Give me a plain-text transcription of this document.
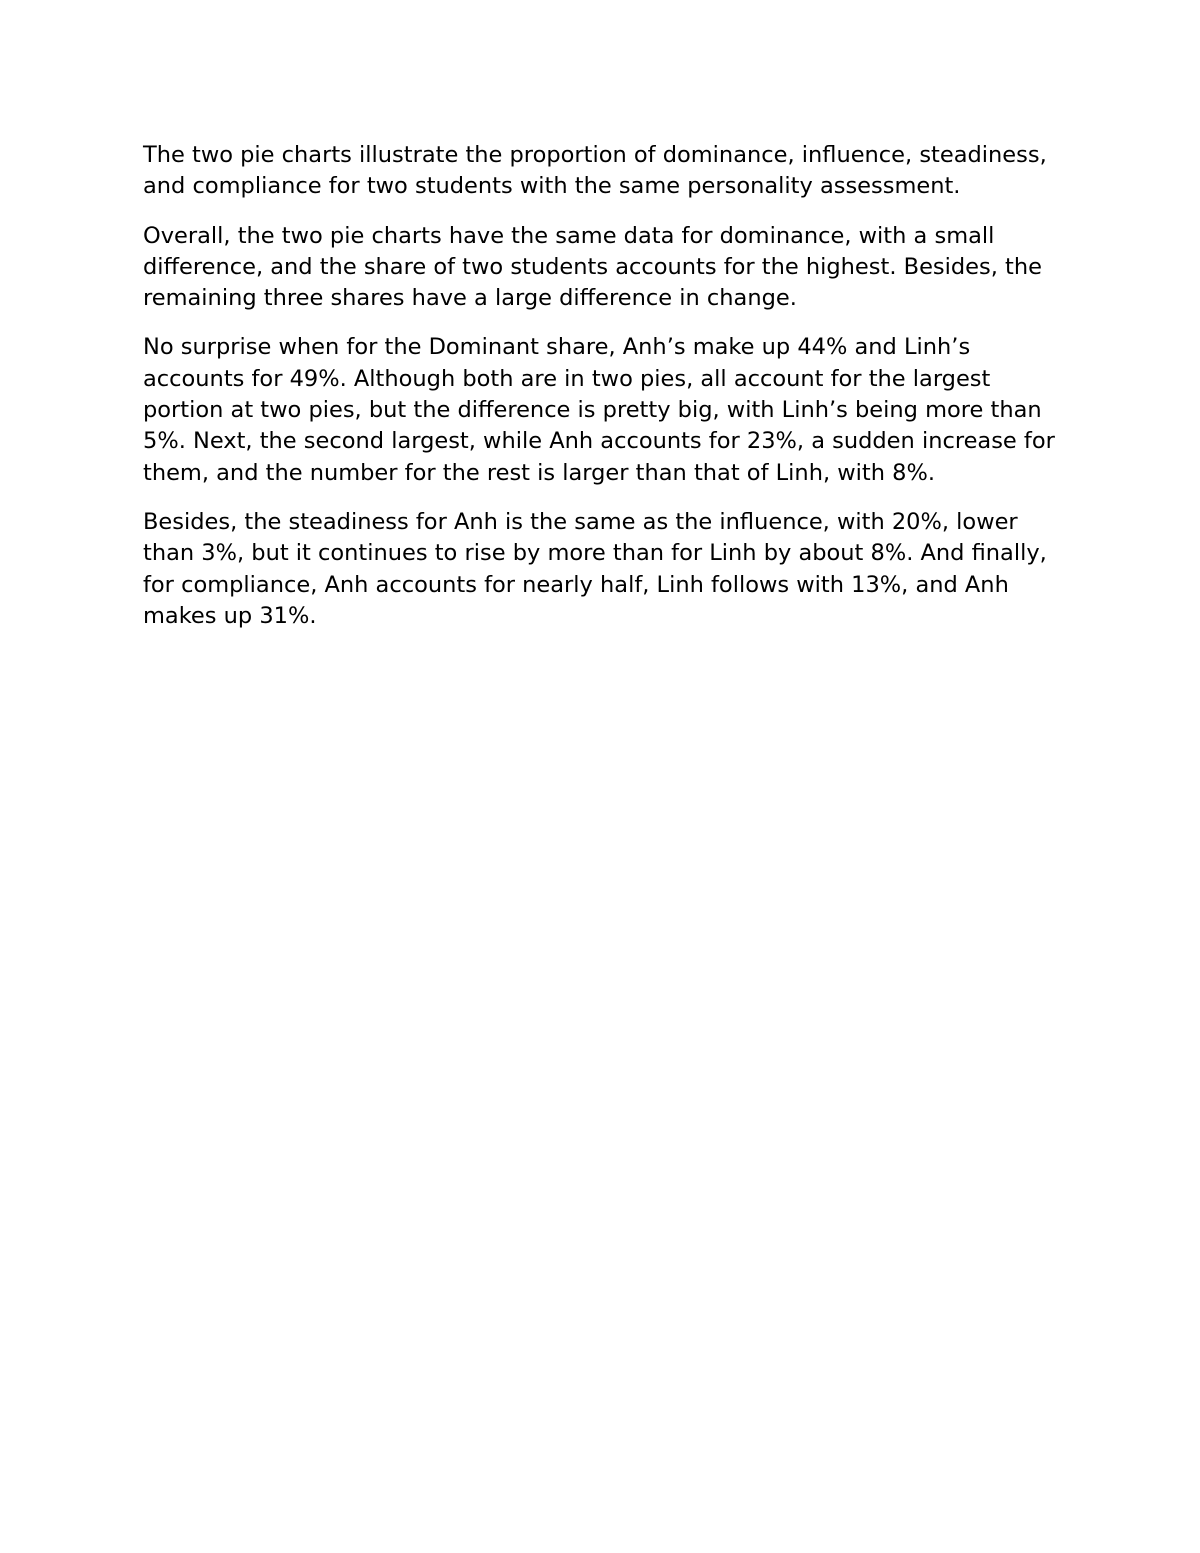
The two pie charts illustrate the proportion of dominance, influence, steadiness, and compliance for two students with the same personality assessment.

Overall, the two pie charts have the same data for dominance, with a small difference, and the share of two students accounts for the highest. Besides, the remaining three shares have a large difference in change.

No surprise when for the Dominant share, Anh’s make up 44% and Linh’s accounts for 49%. Although both are in two pies, all account for the largest portion at two pies, but the difference is pretty big, with Linh’s being more than 5%. Next, the second largest, while Anh accounts for 23%, a sudden increase for them, and the number for the rest is larger than that of Linh, with 8%.

Besides, the steadiness for Anh is the same as the influence, with 20%, lower than 3%, but it continues to rise by more than for Linh by about 8%. And finally, for compliance, Anh accounts for nearly half, Linh follows with 13%, and Anh makes up 31%.
